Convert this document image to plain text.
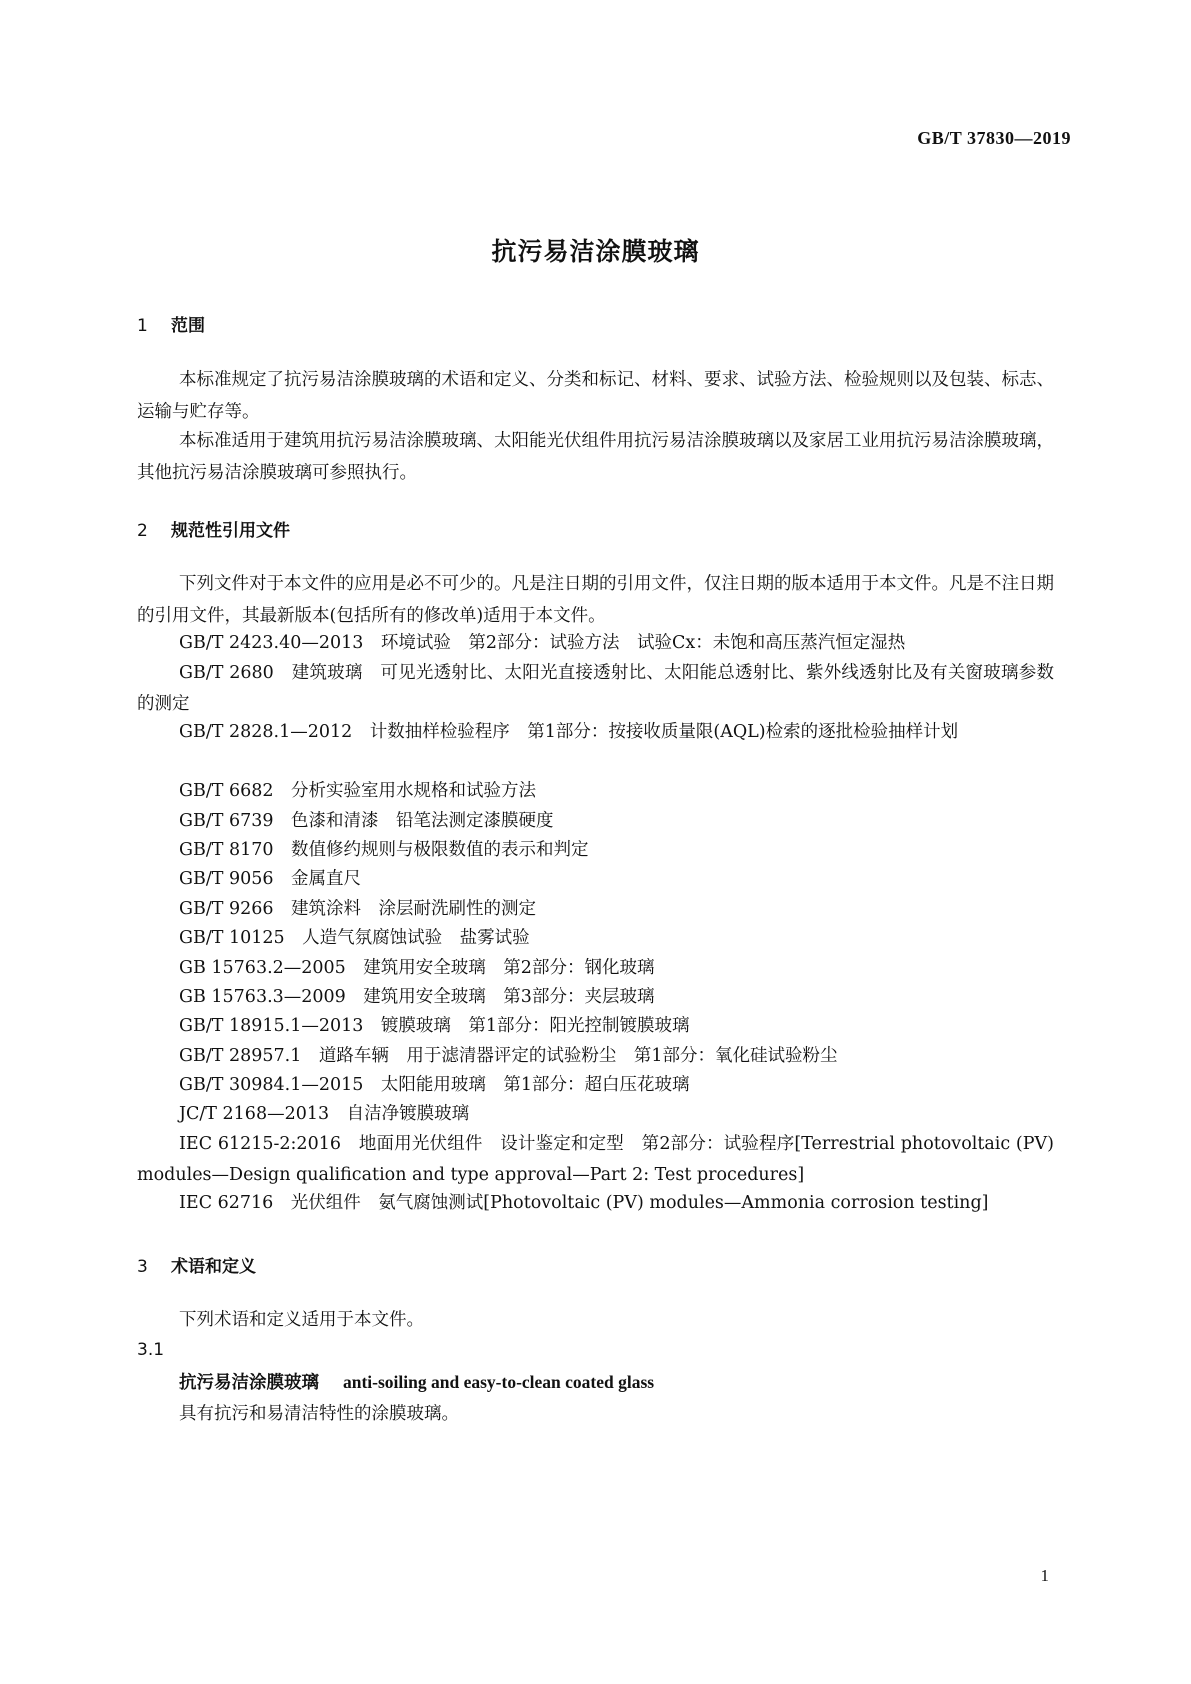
GB/T 37830—2019
抗污易洁涂膜玻璃
1 范围
本标准规定了抗污易洁涂膜玻璃的术语和定义、分类和标记、材料、要求、试验方法、检验规则以及包装、标志、运输与贮存等。
本标准适用于建筑用抗污易洁涂膜玻璃、太阳能光伏组件用抗污易洁涂膜玻璃以及家居工业用抗污易洁涂膜玻璃，其他抗污易洁涂膜玻璃可参照执行。
2 规范性引用文件
下列文件对于本文件的应用是必不可少的。凡是注日期的引用文件，仅注日期的版本适用于本文件。凡是不注日期的引用文件，其最新版本(包括所有的修改单)适用于本文件。
GB/T 2423.40—2013　环境试验　第2部分：试验方法　试验Cx：未饱和高压蒸汽恒定湿热
GB/T 2680　建筑玻璃　可见光透射比、太阳光直接透射比、太阳能总透射比、紫外线透射比及有关窗玻璃参数的测定
GB/T 2828.1—2012　计数抽样检验程序　第1部分：按接收质量限(AQL)检索的逐批检验抽样计划
GB/T 6682　分析实验室用水规格和试验方法
GB/T 6739　色漆和清漆　铅笔法测定漆膜硬度
GB/T 8170　数值修约规则与极限数值的表示和判定
GB/T 9056　金属直尺
GB/T 9266　建筑涂料　涂层耐洗刷性的测定
GB/T 10125　人造气氛腐蚀试验　盐雾试验
GB 15763.2—2005　建筑用安全玻璃　第2部分：钢化玻璃
GB 15763.3—2009　建筑用安全玻璃　第3部分：夹层玻璃
GB/T 18915.1—2013　镀膜玻璃　第1部分：阳光控制镀膜玻璃
GB/T 28957.1　道路车辆　用于滤清器评定的试验粉尘　第1部分：氧化硅试验粉尘
GB/T 30984.1—2015　太阳能用玻璃　第1部分：超白压花玻璃
JC/T 2168—2013　自洁净镀膜玻璃
IEC 61215-2:2016　地面用光伏组件　设计鉴定和定型　第2部分：试验程序[Terrestrial photovoltaic (PV) modules—Design qualification and type approval—Part 2: Test procedures]
IEC 62716　光伏组件　氨气腐蚀测试[Photovoltaic (PV) modules—Ammonia corrosion testing]
3 术语和定义
下列术语和定义适用于本文件。
3.1
抗污易洁涂膜玻璃 anti-soiling and easy-to-clean coated glass
具有抗污和易清洁特性的涂膜玻璃。
1
